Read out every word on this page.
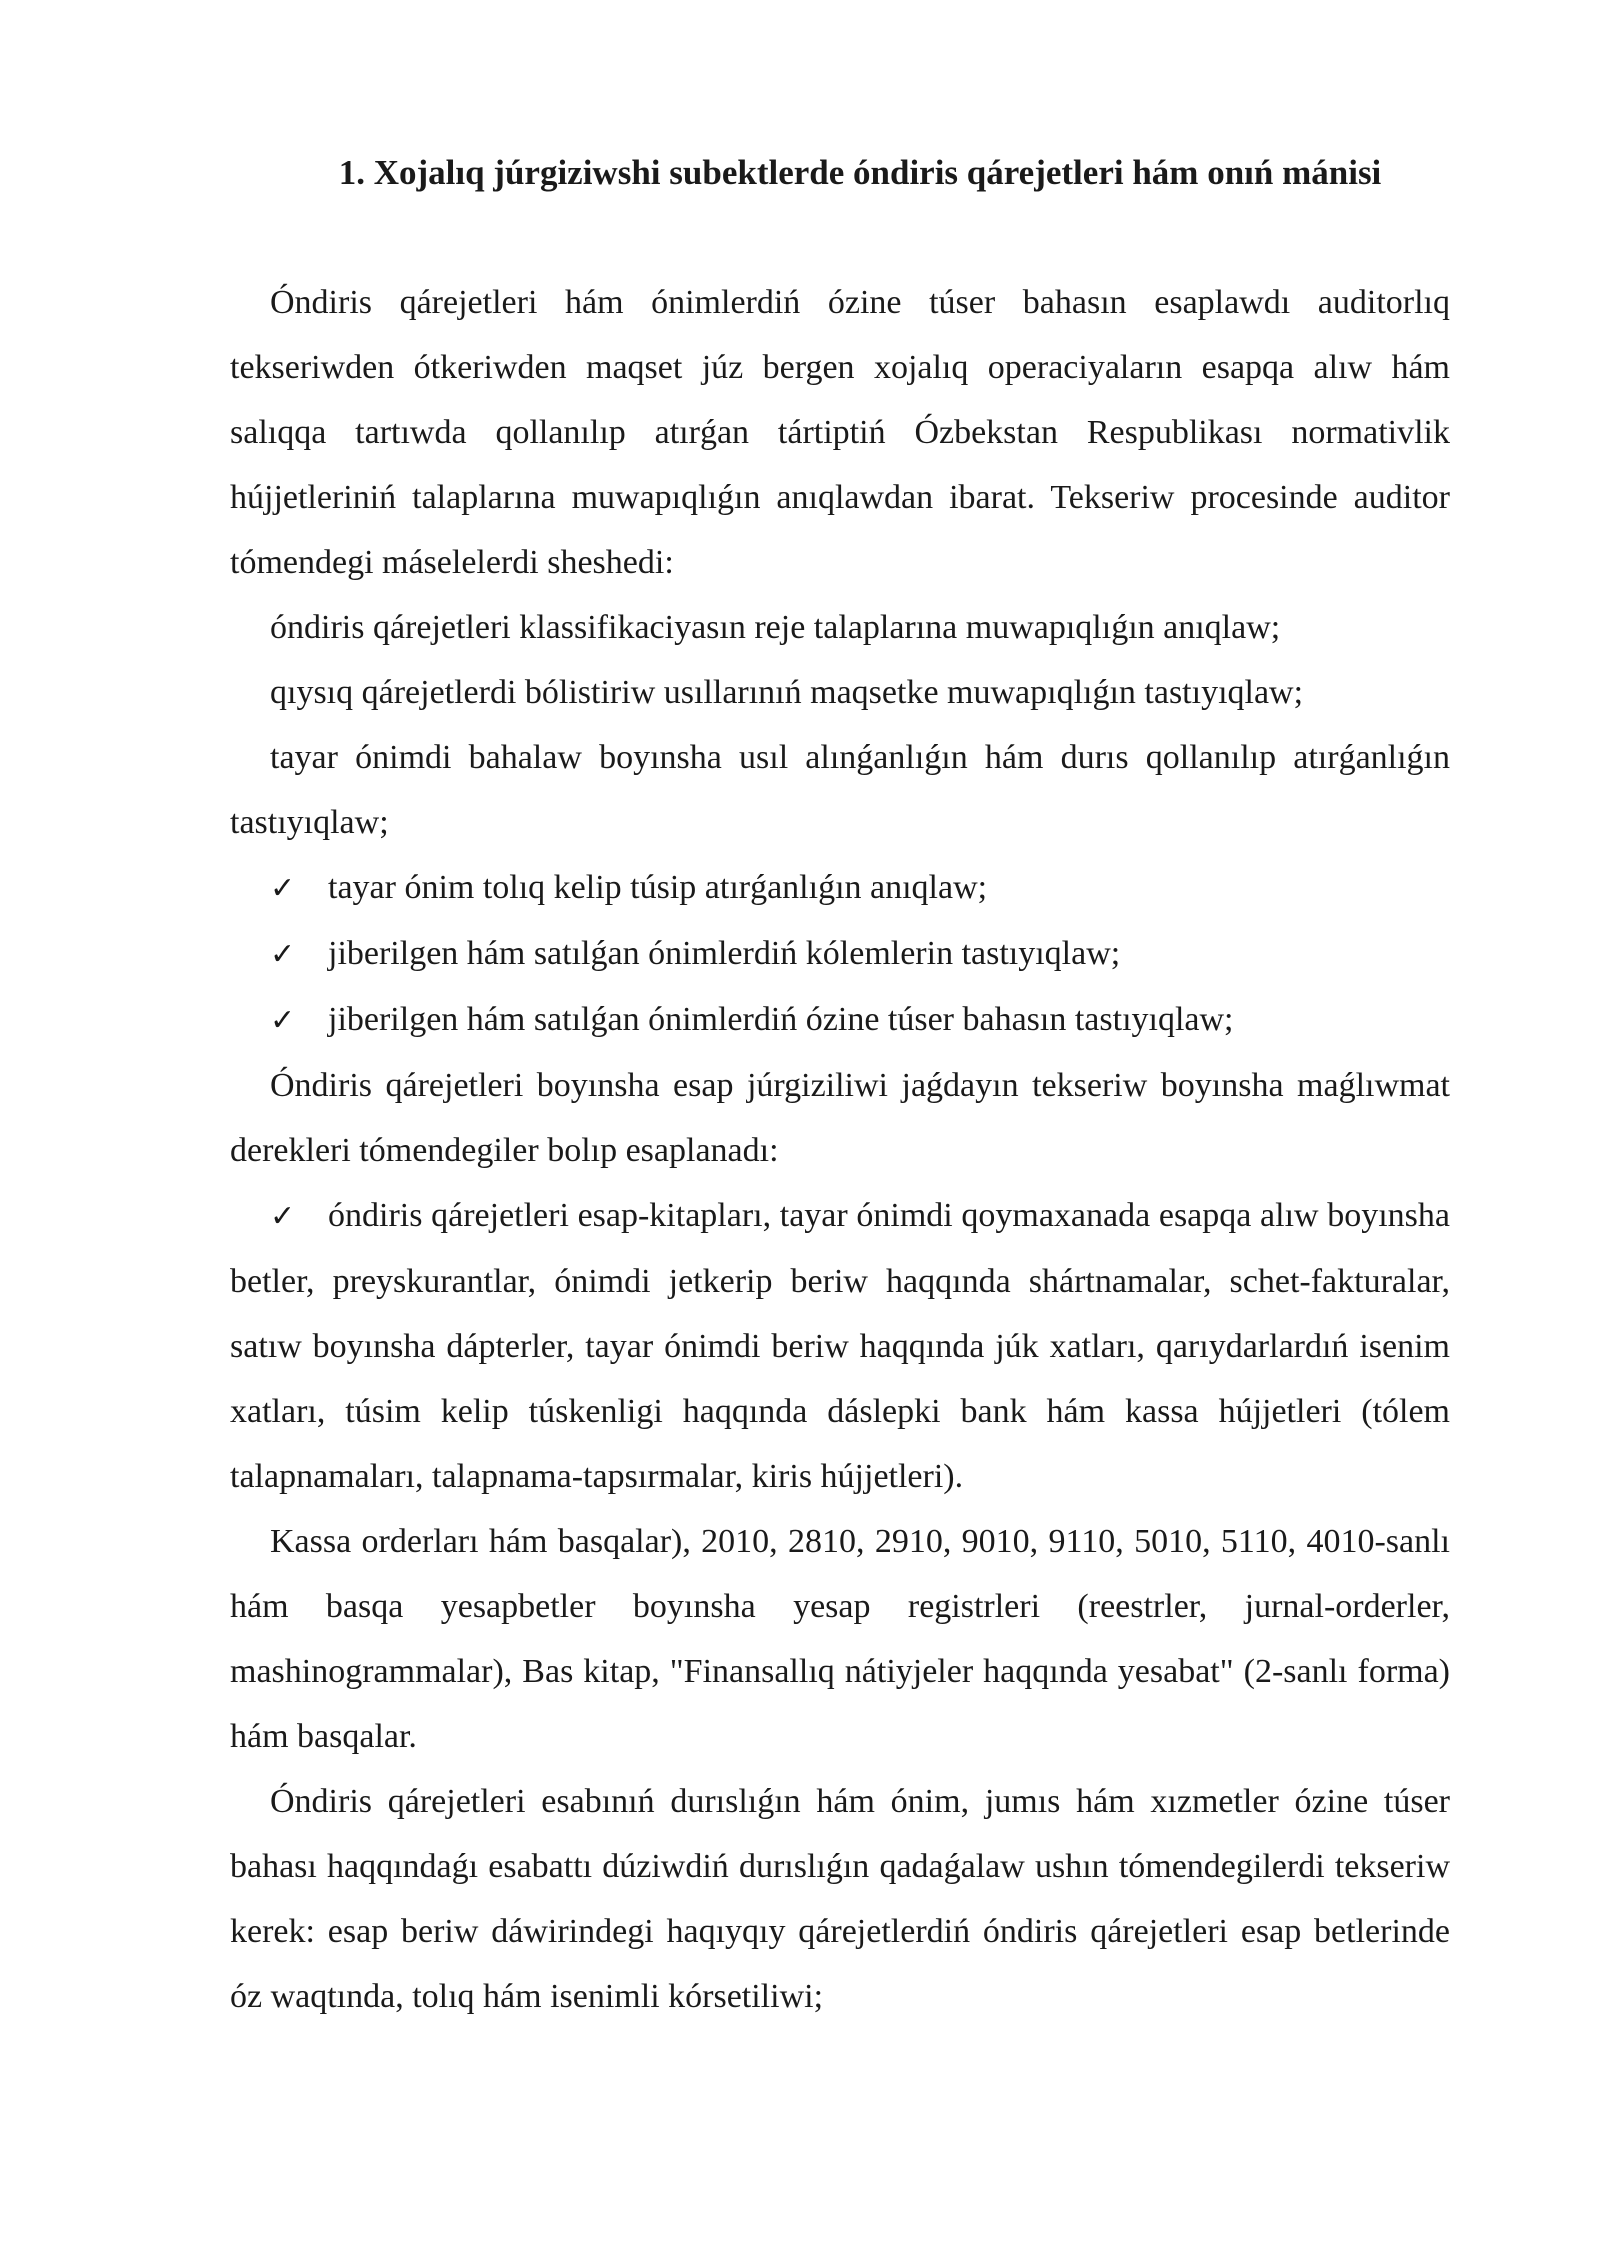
1. Xojalıq júrgiziwshi subektlerde óndiris qárejetleri hám onıń mánisi

Óndiris qárejetleri hám ónimlerdiń ózine túser bahasın esaplawdı auditorlıq tekseriwden ótkeriwden maqset júz bergen xojalıq operaciyaların esapqa alıw hám salıqqa tartıwda qollanılıp atırǵan tártiptiń Ózbekstan Respublikası normativlik hújjetleriniń talaplarına muwapıqlıǵın anıqlawdan ibarat. Tekseriw procesinde auditor tómendegi máselelerdi sheshedi:

óndiris qárejetleri klassifikaciyasın reje talaplarına muwapıqlıǵın anıqlaw;

qıysıq qárejetlerdi bólistiriw usıllarınıń maqsetke muwapıqlıǵın tastıyıqlaw;

tayar ónimdi bahalaw boyınsha usıl alınǵanlıǵın hám durıs qollanılıp atırǵanlıǵın tastıyıqlaw;

✓ tayar ónim tolıq kelip túsip atırǵanlıǵın anıqlaw;

✓ jiberilgen hám satılǵan ónimlerdiń kólemlerin tastıyıqlaw;

✓ jiberilgen hám satılǵan ónimlerdiń ózine túser bahasın tastıyıqlaw;

Óndiris qárejetleri boyınsha esap júrgiziliwi jaǵdayın tekseriw boyınsha maǵlıwmat derekleri tómendegiler bolıp esaplanadı:

✓ óndiris qárejetleri esap-kitapları, tayar ónimdi qoymaxanada esapqa alıw boyınsha betler, preyskurantlar, ónimdi jetkerip beriw haqqında shártnamalar, schet-fakturalar, satıw boyınsha dápterler, tayar ónimdi beriw haqqında júk xatları, qarıydarlardıń isenim xatları, túsim kelip túskenligi haqqında dáslepki bank hám kassa hújjetleri (tólem talapnamaları, talapnama-tapsırmalar, kiris hújjetleri).

Kassa orderları hám basqalar), 2010, 2810, 2910, 9010, 9110, 5010, 5110, 4010-sanlı hám basqa yesapbetler boyınsha yesap registrleri (reestrler, jurnal-orderler, mashinogrammalar), Bas kitap, "Finansallıq nátiyjeler haqqında yesabat" (2-sanlı forma) hám basqalar.

Óndiris qárejetleri esabınıń durıslıǵın hám ónim, jumıs hám xızmetler ózine túser bahası haqqındaǵı esabattı dúziwdiń durıslıǵın qadaǵalaw ushın tómendegilerdi tekseriw kerek: esap beriw dáwirindegi haqıyqıy qárejetlerdiń óndiris qárejetleri esap betlerinde óz waqtında, tolıq hám isenimli kórsetiliwi;
